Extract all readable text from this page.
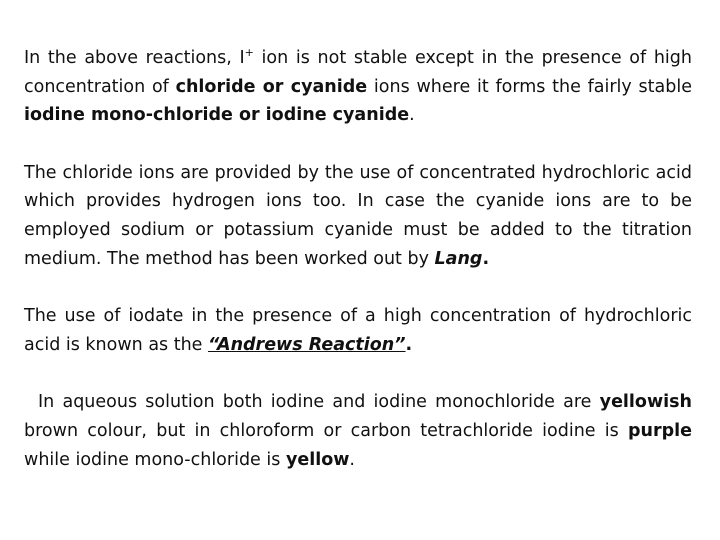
In the above reactions, I+ ion is not stable except in the presence of high concentration of chloride or cyanide ions where it forms the fairly stable iodine mono-chloride or iodine cyanide.

The chloride ions are provided by the use of concentrated hydrochloric acid which provides hydrogen ions too. In case the cyanide ions are to be employed sodium or potassium cyanide must be added to the titration medium. The method has been worked out by Lang.

The use of iodate in the presence of a high concentration of hydrochloric acid is known as the “Andrews Reaction”.

In aqueous solution both iodine and iodine monochloride are yellowish brown colour, but in chloroform or carbon tetrachloride iodine is purple while iodine mono-chloride is yellow.
